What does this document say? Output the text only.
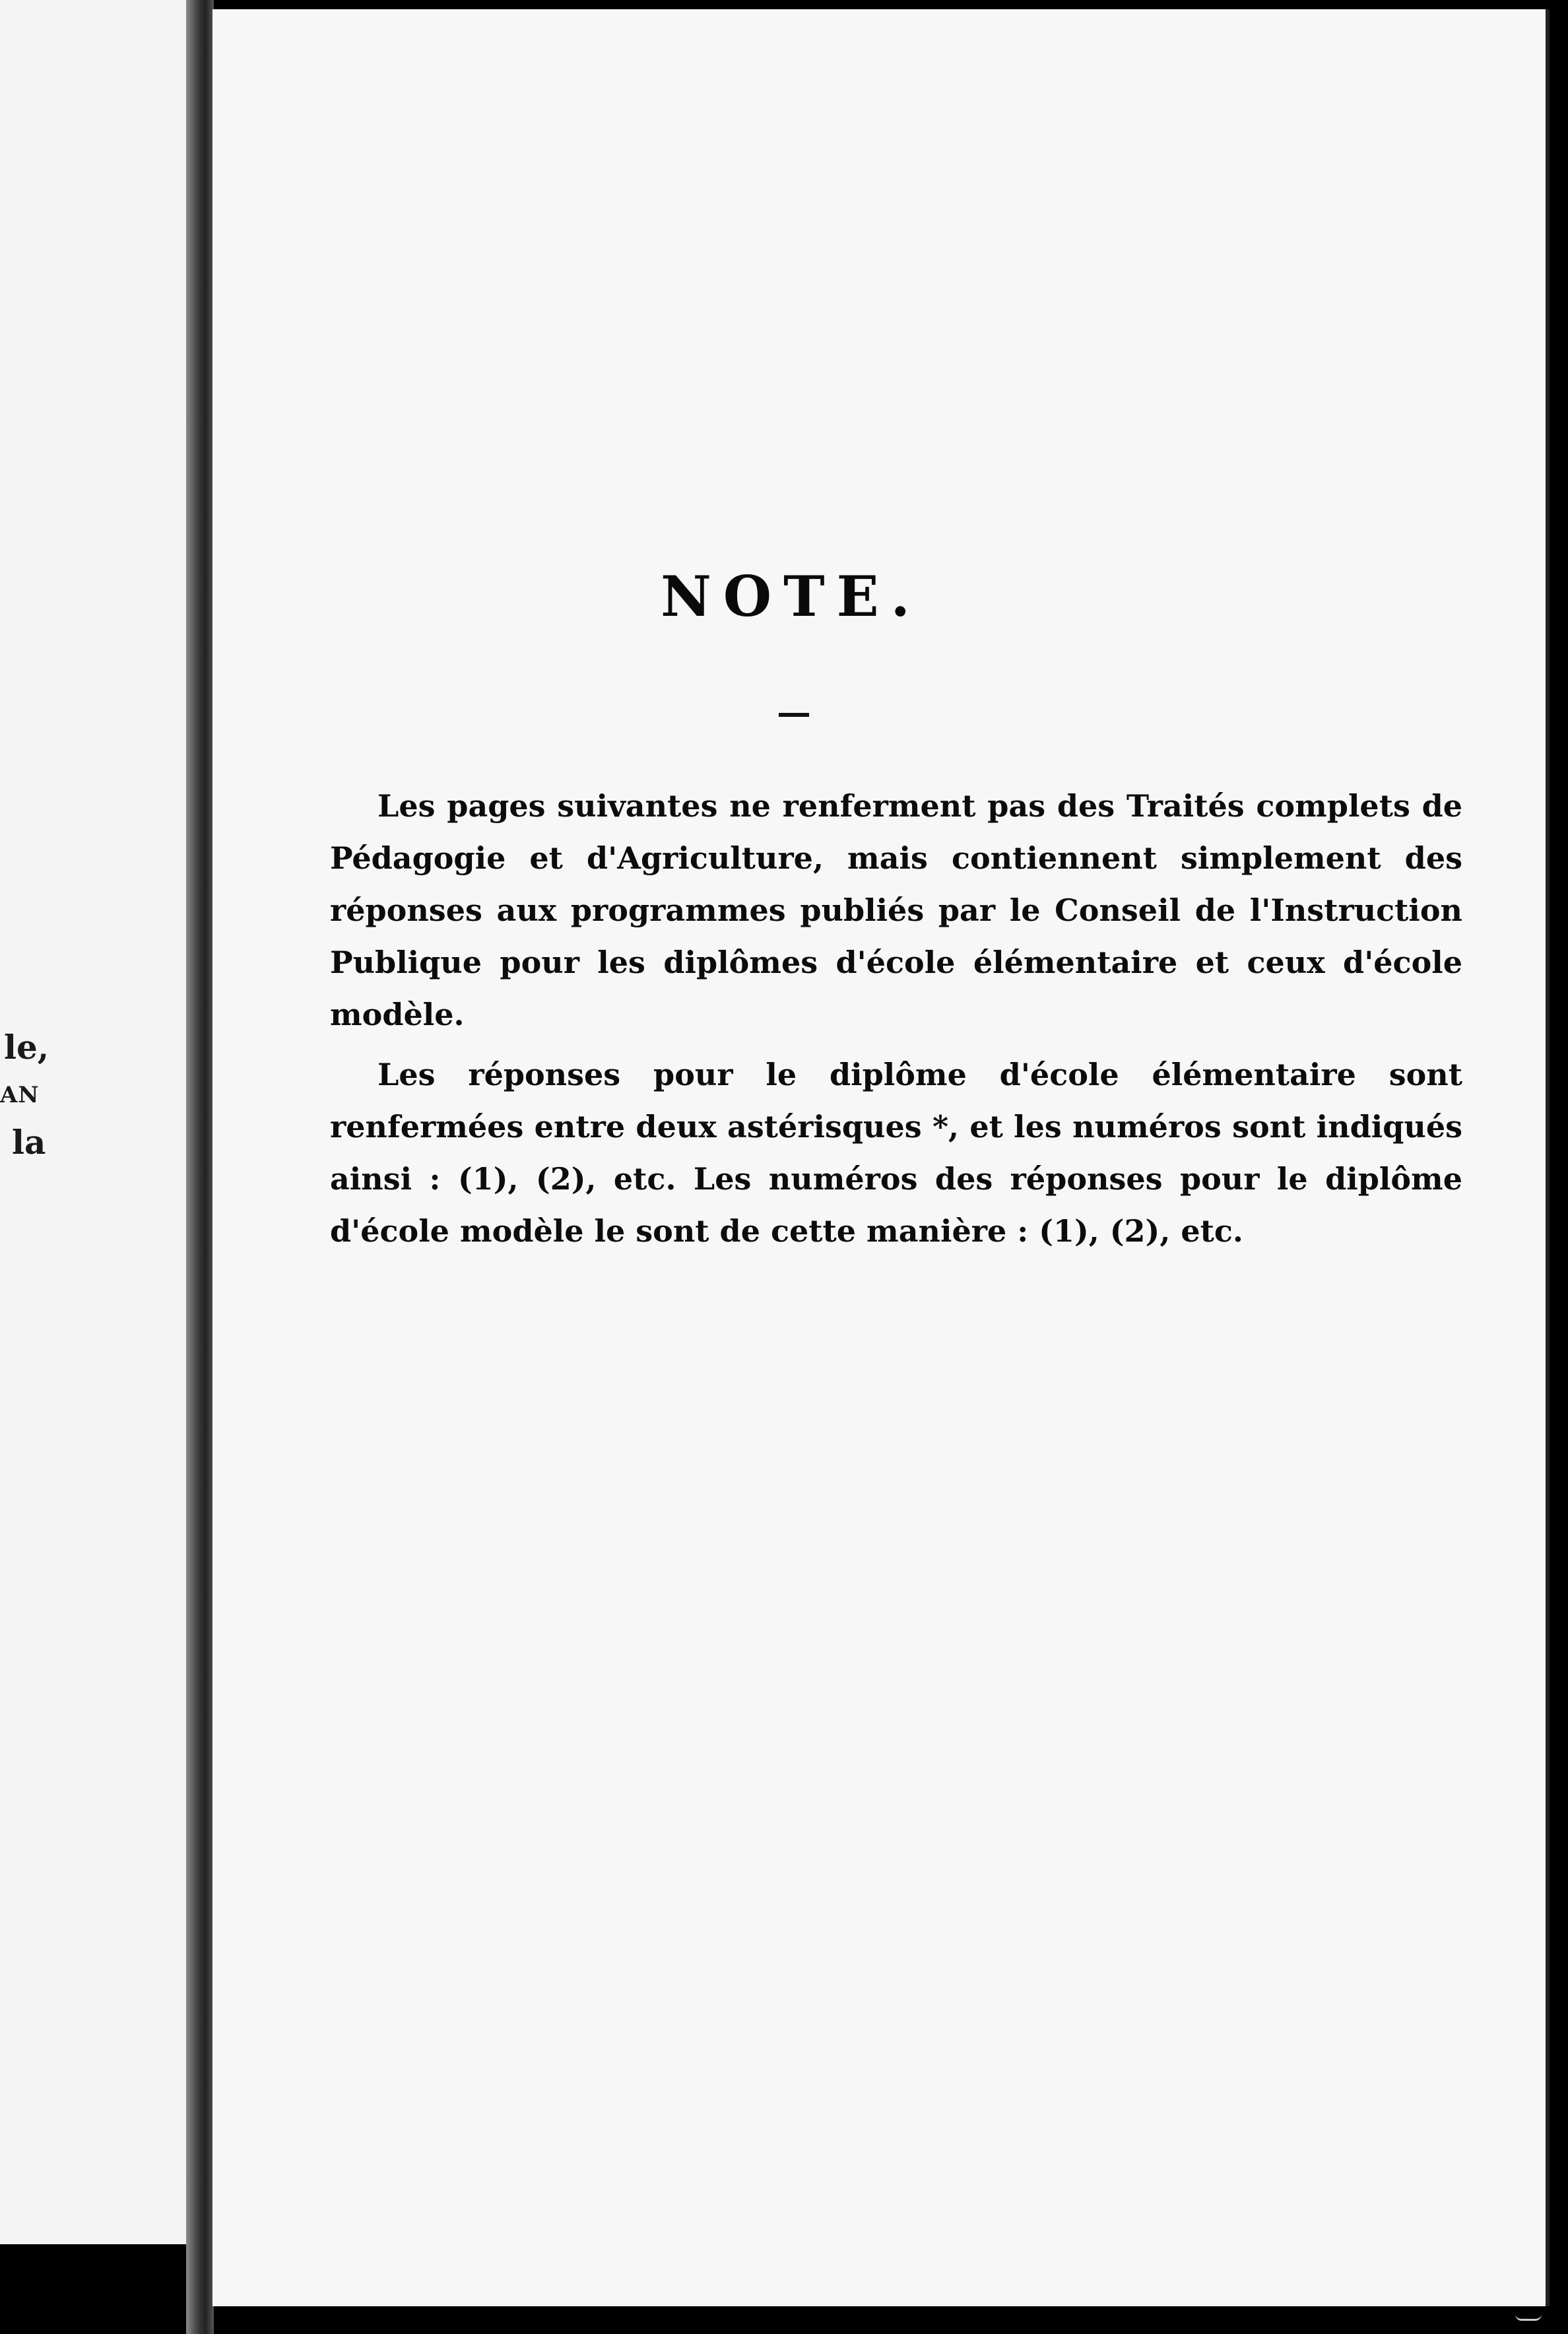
le,
AN
la
NOTE.

Les pages suivantes ne renferment pas des Traités complets de Pédagogie et d'Agriculture, mais contiennent simplement des réponses aux programmes publiés par le Conseil de l'Instruction Publique pour les diplômes d'école élémentaire et ceux d'école modèle.

Les réponses pour le diplôme d'école élémentaire sont renfermées entre deux astérisques *, et les numéros sont indiqués ainsi : (1), (2), etc. Les numéros des réponses pour le diplôme d'école modèle le sont de cette manière : (1), (2), etc.
